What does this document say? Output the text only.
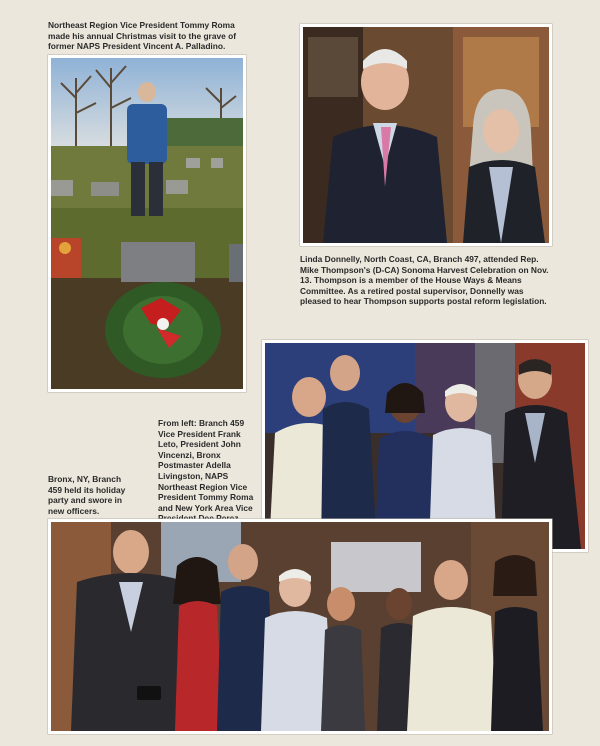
Northeast Region Vice President Tommy Roma made his annual Christmas visit to the grave of former NAPS President Vincent A. Palladino.
Linda Donnelly, North Coast, CA, Branch 497, attended Rep. Mike Thompson's (D-CA) Sonoma Harvest Celebration on Nov. 13. Thompson is a member of the House Ways & Means Committee. As a retired postal supervisor, Donnelly was pleased to hear Thompson supports postal reform legislation.
From left: Branch 459 Vice President Frank Leto, President John Vincenzi, Bronx Postmaster Adella Livingston, NAPS Northeast Region Vice President Tommy Roma and New York Area Vice
Bronx, NY, Branch 459 held its holiday party and swore in new officers.
